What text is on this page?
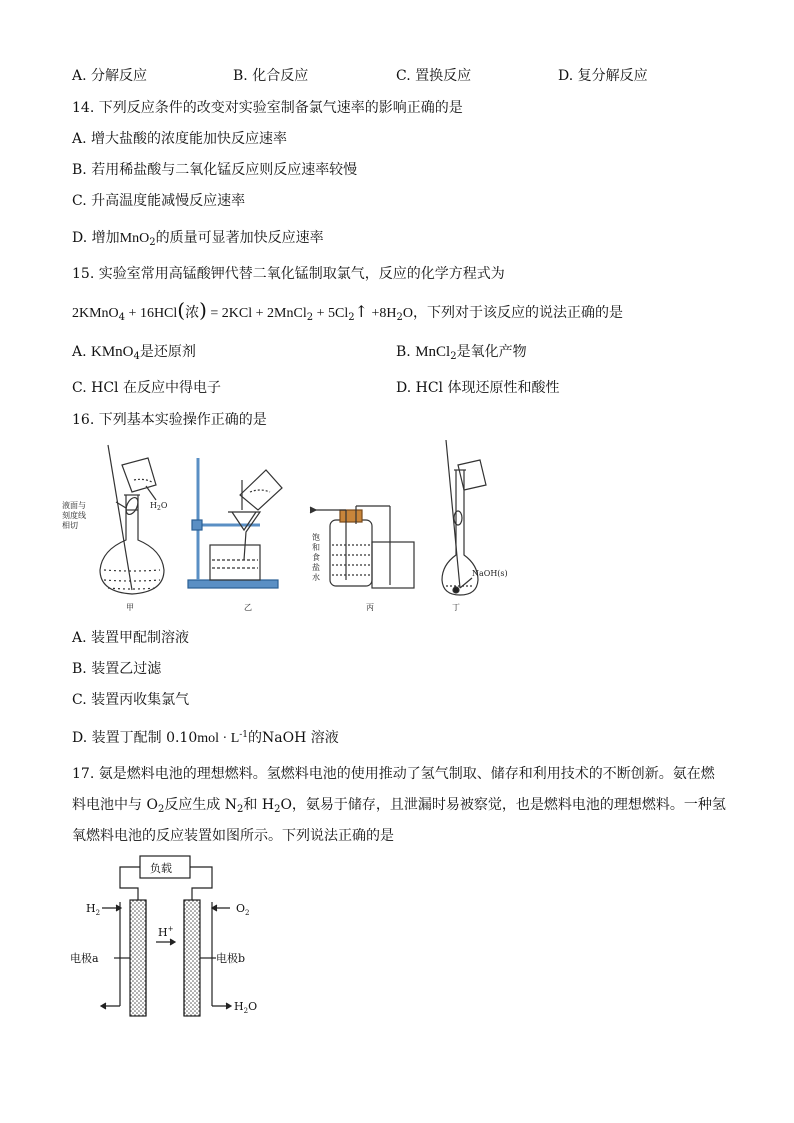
A. 分解反应	B. 化合反应	C. 置换反应	D. 复分解反应
14. 下列反应条件的改变对实验室制备氯气速率的影响正确的是
A. 增大盐酸的浓度能加快反应速率
B. 若用稀盐酸与二氧化锰反应则反应速率较慢
C. 升高温度能减慢反应速率
D. 增加MnO$_2$的质量可显著加快反应速率
15. 实验室常用高锰酸钾代替二氧化锰制取氯气，反应的化学方程式为
2KMnO$_4$ + 16HCl(浓) = 2KCl + 2MnCl$_2$ + $5Cl_2↑ +8H_2O$，下列对于该反应的说法正确的是
A. KMnO$_4$是还原剂	B. MnCl$_2$是氧化产物
C. HCl 在反应中得电子	D. HCl 体现还原性和酸性
16. 下列基本实验操作正确的是
液面与
刻度线
相切
$H_2O$
饱
和
食
盐
水	NaOH(s)
甲	乙	丙	丁
A. 装置甲配制溶液
B. 装置乙过滤
C. 装置丙收集氯气
D. 装置丁配制 $0.10mol \cdot L^{-1}$的NaOH 溶液
17. 氨是燃料电池的理想燃料。氢燃料电池的使用推动了氢气制取、储存和利用技术的不断创新。氨在燃
料电池中与 $O_2$反应生成 $N_2$和 $H_2O$，氨易于储存，且泄漏时易被察觉，也是燃料电池的理想燃料。一种氢
氧燃料电池的反应装置如图所示。下列说法正确的是
负载
$H_2$	$O_2$
H+
电极a	电极b
$H_2O$
